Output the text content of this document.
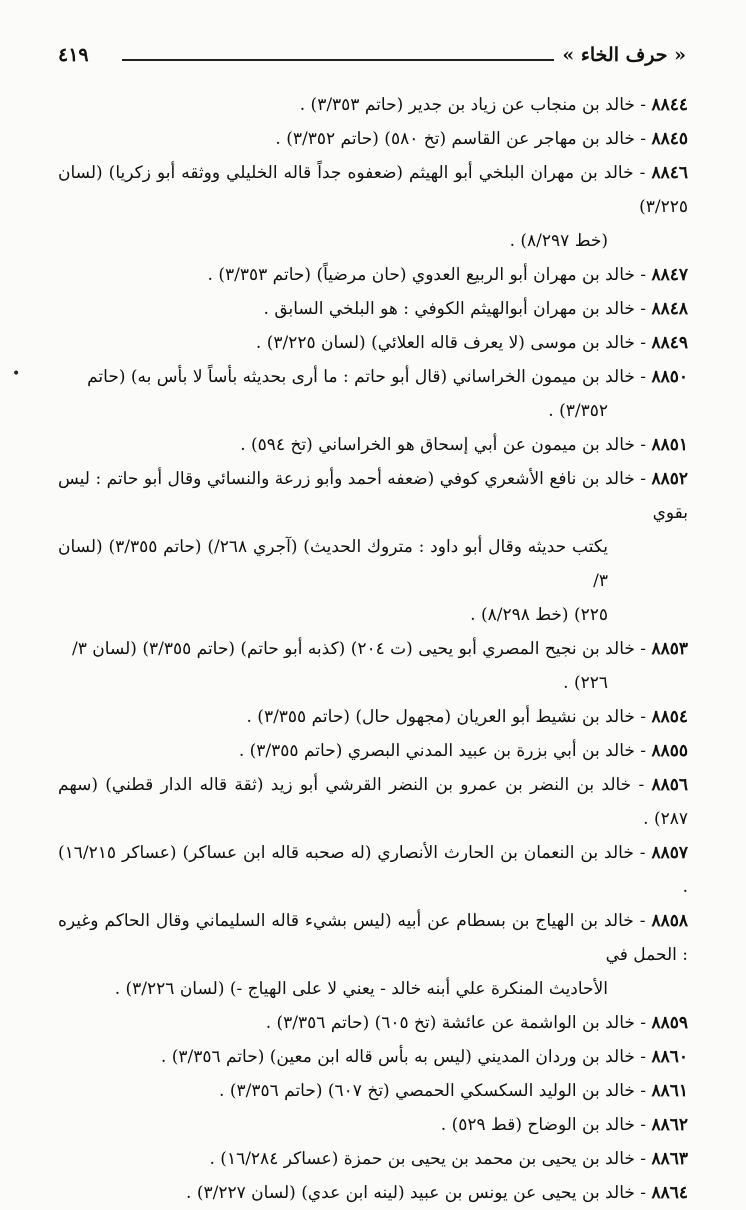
« حرف الخاء »
٤١٩
٨٨٤٤ - خالد بن منجاب عن زياد بن جدير (حاتم ٣/٣٥٣) .
٨٨٤٥ - خالد بن مهاجر عن القاسم (تخ ٥٨٠) (حاتم ٣/٣٥٢) .
٨٨٤٦ - خالد بن مهران البلخي أبو الهيثم (ضعفوه جداً قاله الخليلي ووثقه أبو زكريا) (لسان ٣/٢٢٥)
(خط ٨/٢٩٧) .
٨٨٤٧ - خالد بن مهران أبو الربيع العدوي (حان مرضياً) (حاتم ٣/٣٥٣) .
٨٨٤٨ - خالد بن مهران أبوالهيثم الكوفي : هو البلخي السابق .
٨٨٤٩ - خالد بن موسى (لا يعرف قاله العلائي) (لسان ٣/٢٢٥) .
٨٨٥٠ - خالد بن ميمون الخراساني (قال أبو حاتم : ما أرى بحديثه بأساً لا بأس به) (حاتم
٣/٣٥٢) .
٨٨٥١ - خالد بن ميمون عن أبي إسحاق هو الخراساني (تخ ٥٩٤) .
٨٨٥٢ - خالد بن نافع الأشعري كوفي (ضعفه أحمد وأبو زرعة والنسائي وقال أبو حاتم : ليس بقوي
يكتب حديثه وقال أبو داود : متروك الحديث) (آجري ٢٦٨/) (حاتم ٣/٣٥٥) (لسان ٣/
٢٢٥) (خط ٨/٢٩٨) .
٨٨٥٣ - خالد بن نجيح المصري أبو يحيى (ت ٢٠٤) (كذبه أبو حاتم) (حاتم ٣/٣٥٥) (لسان ٣/
٢٢٦) .
٨٨٥٤ - خالد بن نشيط أبو العريان (مجهول حال) (حاتم ٣/٣٥٥) .
٨٨٥٥ - خالد بن أبي بزرة بن عبيد المدني البصري (حاتم ٣/٣٥٥) .
٨٨٥٦ - خالد بن النضر بن عمرو بن النضر القرشي أبو زيد (ثقة قاله الدار قطني) (سهم ٢٨٧) .
٨٨٥٧ - خالد بن النعمان بن الحارث الأنصاري (له صحبه قاله ابن عساكر) (عساكر ١٦/٢١٥) .
٨٨٥٨ - خالد بن الهياج بن بسطام عن أبيه (ليس بشيء قاله السليماني وقال الحاكم وغيره : الحمل في
الأحاديث المنكرة علي أبنه خالد - يعني لا على الهياج -) (لسان ٣/٢٢٦) .
٨٨٥٩ - خالد بن الواشمة عن عائشة (تخ ٦٠٥) (حاتم ٣/٣٥٦) .
٨٨٦٠ - خالد بن وردان المديني (ليس به بأس قاله ابن معين) (حاتم ٣/٣٥٦) .
٨٨٦١ - خالد بن الوليد السكسكي الحمصي (تخ ٦٠٧) (حاتم ٣/٣٥٦) .
٨٨٦٢ - خالد بن الوضاح (قط ٥٢٩) .
٨٨٦٣ - خالد بن يحيى بن محمد بن يحيى بن حمزة (عساكر ١٦/٢٨٤) .
٨٨٦٤ - خالد بن يحيى عن يونس بن عبيد (لينه ابن عدي) (لسان ٣/٢٢٧) .
•
